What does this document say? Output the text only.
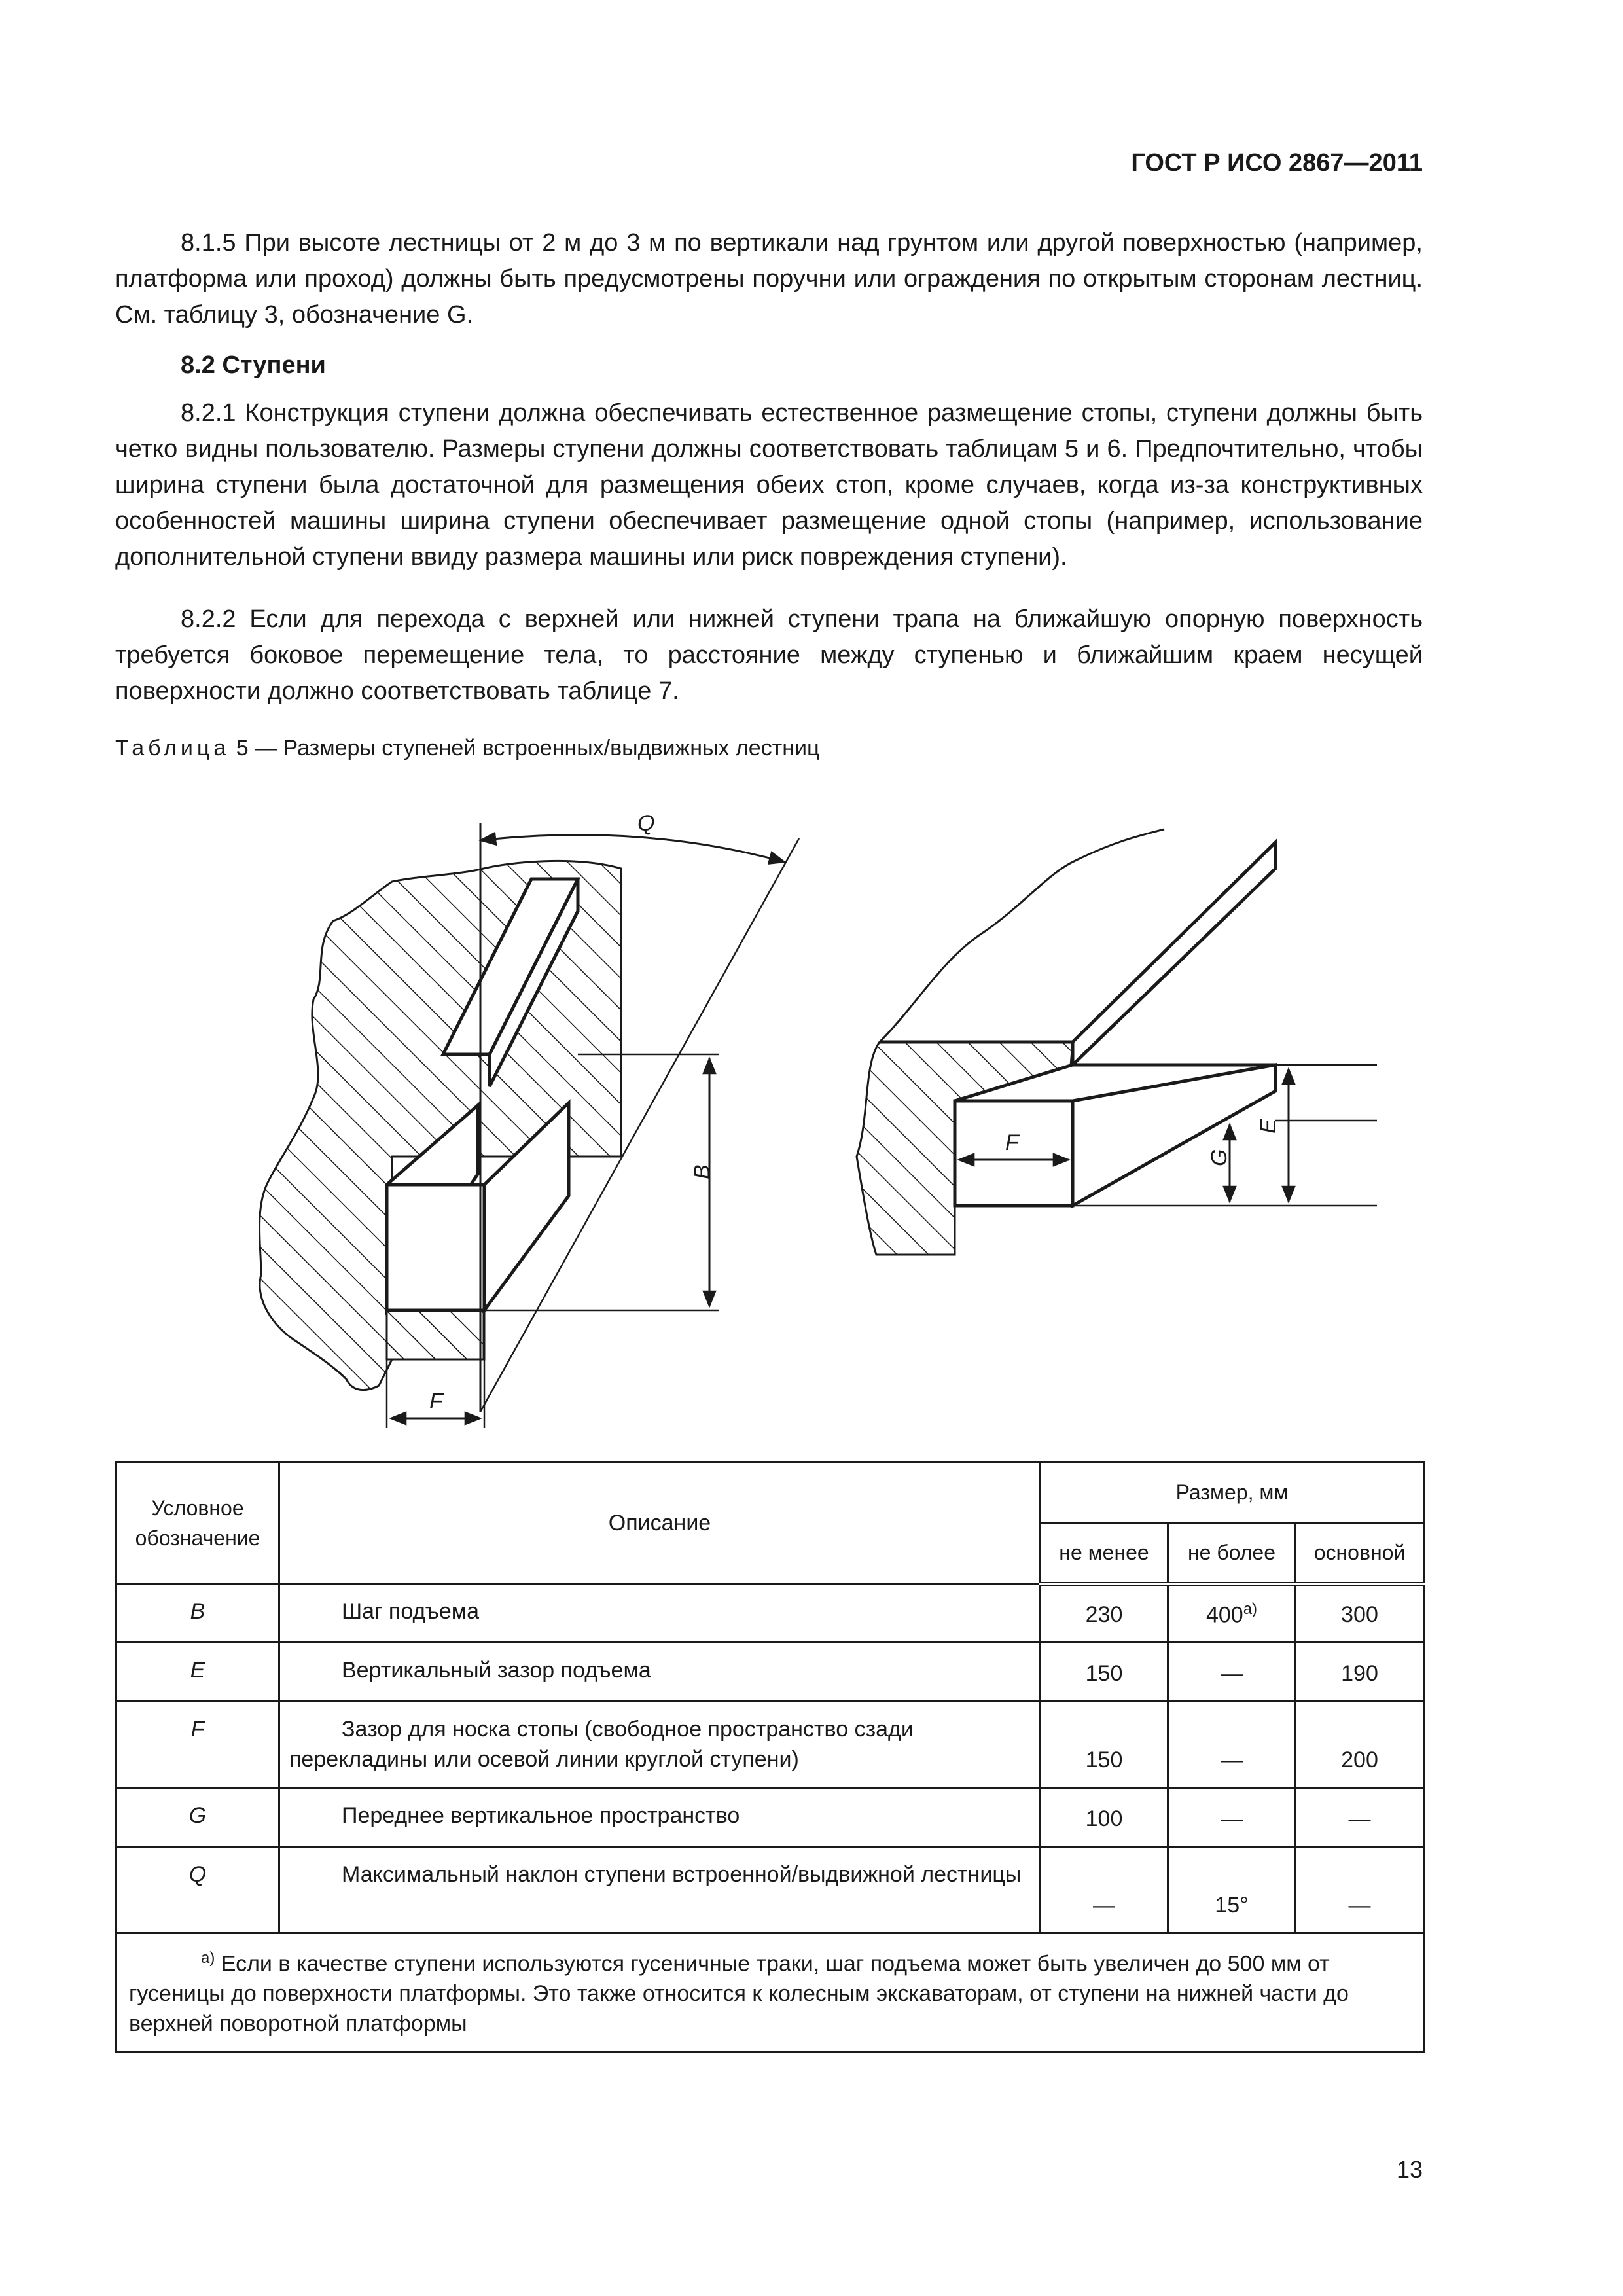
ГОСТ Р ИСО 2867—2011
8.1.5 При высоте лестницы от 2 м до 3 м по вертикали над грунтом или другой поверхностью (например, платформа или проход) должны быть предусмотрены поручни или ограждения по открытым сторонам лестниц. См. таблицу 3, обозначение G.
8.2 Ступени
8.2.1 Конструкция ступени должна обеспечивать естественное размещение стопы, ступени должны быть четко видны пользователю. Размеры ступени должны соответствовать таблицам 5 и 6. Предпочтительно, чтобы ширина ступени была достаточной для размещения обеих стоп, кроме случаев, когда из-за конструктивных особенностей машины ширина ступени обеспечивает размещение одной стопы (например, использование дополнительной ступени ввиду размера машины или риск повреждения ступени).
8.2.2 Если для перехода с верхней или нижней ступени трапа на ближайшую опорную поверхность требуется боковое перемещение тела, то расстояние между ступенью и ближайшим краем несущей поверхности должно соответствовать таблице 7.
Таблица 5 — Размеры ступеней встроенных/выдвижных лестниц
Q
B
F
F
G
E
Условное обозначение	Описание	Размер, мм		
		не менее	не более	основной
B	Шаг подъема	230	$400^{а)}$	300
E	Вертикальный зазор подъема	150	—	190
F	Зазор для носка стопы (свободное пространство сзади перекладины или осевой линии круглой ступени)	150	—	200
G	Переднее вертикальное пространство	100	—	—
Q	Максимальный наклон ступени встроенной/выдвижной лестницы	—	15°	—

$^{а)}$ Если в качестве ступени используются гусеничные траки, шаг подъема может быть увеличен до 500 мм от гусеницы до поверхности платформы. Это также относится к колесным экскаваторам, от ступени на нижней части до верхней поворотной платформы				
13
